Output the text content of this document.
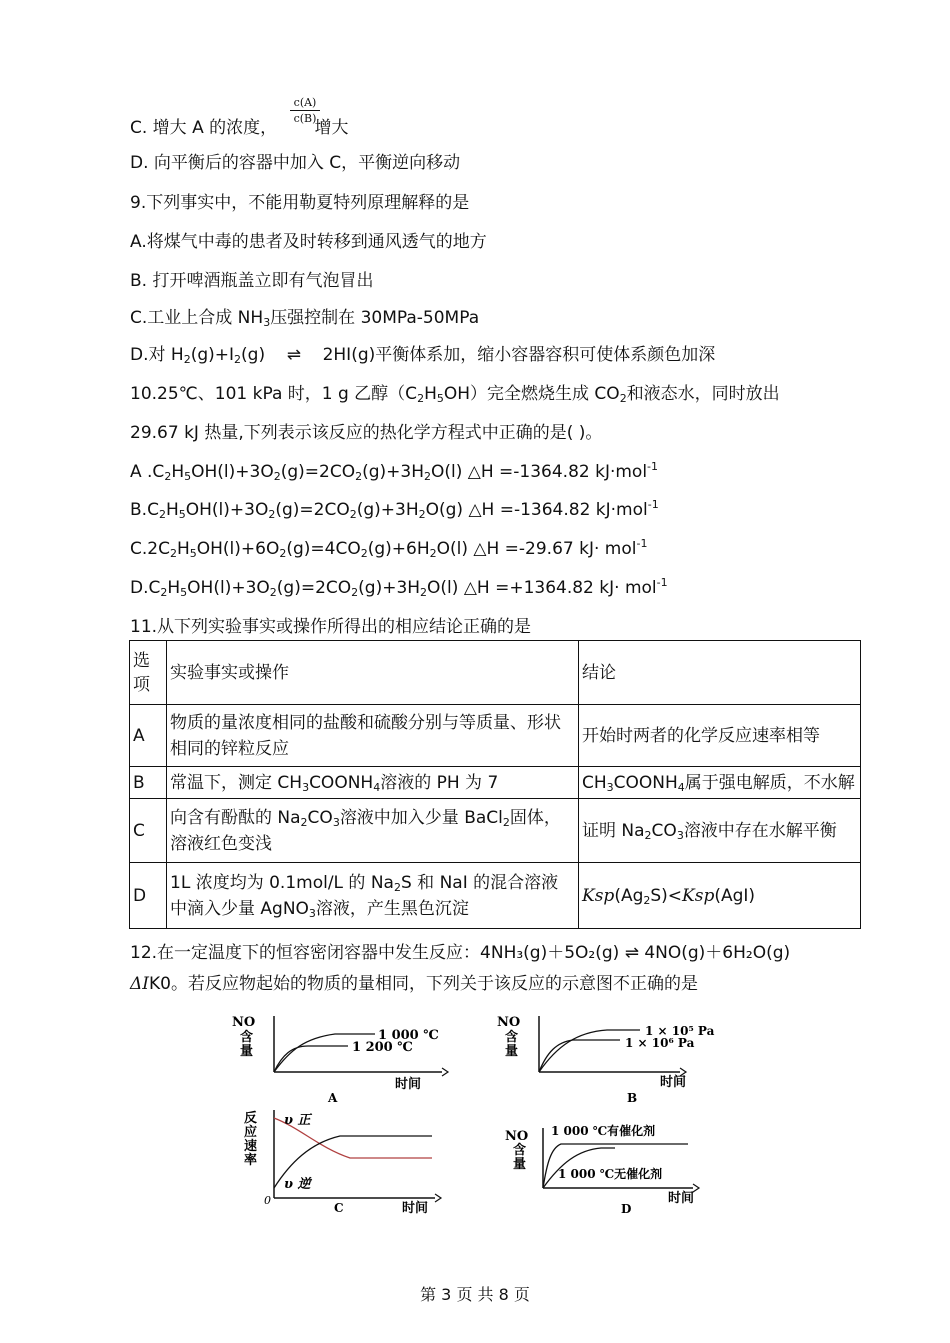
$\frac{c(A)}{c(B)}$
C. 增大 A 的浓度， 增大
D. 向平衡后的容器中加入 C，平衡逆向移动
9.下列事实中，不能用勒夏特列原理解释的是
A.将煤气中毒的患者及时转移到通风透气的地方
B. 打开啤酒瓶盖立即有气泡冒出
C.工业上合成 $NH_3$压强控制在 30MPa-50MPa
D.对 $H_2(g)+I_2(g)$ ⇌ 2HI(g)平衡体系加，缩小容器容积可使体系颜色加深
10.25℃、101 kPa 时，1 g 乙醇$(C_2H_5OH)$完全燃烧生成 $CO_2$和液态水，同时放出
29.67 kJ 热量,下列表示该反应的热化学方程式中正确的是( )。
A $.C_2H_5OH(l)+3O_2(g)=2CO_2(g)+3H_2O(l)$ △H =-1364.82 kJ·mol$^{-1}$
$B.C_2H_5OH(l)+3O_2(g)=2CO_2(g)+3H_2O(g)$ △H =-1364.82 kJ·mol$^{-1}$
$C.2C_2H_5OH(l)+6O_2(g)=4CO_2(g)+6H_2O(l)$ △H =-29.67 kJ· mol$^{-1}$
$D.C_2H_5OH(l)+3O_2(g)=2CO_2(g)+3H_2O(l)$ △H =+1364.82 kJ· mol$^{-1}$
11.从下列实验事实或操作所得出的相应结论正确的是
选项	实验事实或操作	结论
A	物质的量浓度相同的盐酸和硫酸分别与等质量、形状相同的锌粒反应	开始时两者的化学反应速率相等
B	常温下，测定 $CH_3COONH_4$溶液的 PH 为 7	$CH_3COONH_4$属于强电解质，不水解
C	向含有酚酞的 $Na_2CO_3$溶液中加入少量 BaCl$_2$固体，溶液红色变浅	证明 $Na_2CO_3$溶液中存在水解平衡
D	1L 浓度均为 0.1mol/L 的 $Na_2S$ 和 NaI 的混合溶液中滴入少量 AgNO$_3$溶液，产生黑色沉淀	$Ksp(Ag_2S)<Ksp(AgI)$
12.在一定温度下的恒容密闭容器中发生反应：4NH₃(g)＋5O₂(g) ⇌ 4NO(g)＋6H₂O(g)
ΔΙK0。若反应物起始的物质的量相同，下列关于该反应的示意图不正确的是
NO
含
量
1 000 ℃
1 200 ℃
时间
A
NO
含
量
1 × 10⁵ Pa
1 × 10⁶ Pa
时间
B
反
应
速
率
υ 正
υ 逆
0
时间
C
NO
含
量
1 000 ℃有催化剂
1 000 ℃无催化剂
时间
D
第 3 页 共 8 页
